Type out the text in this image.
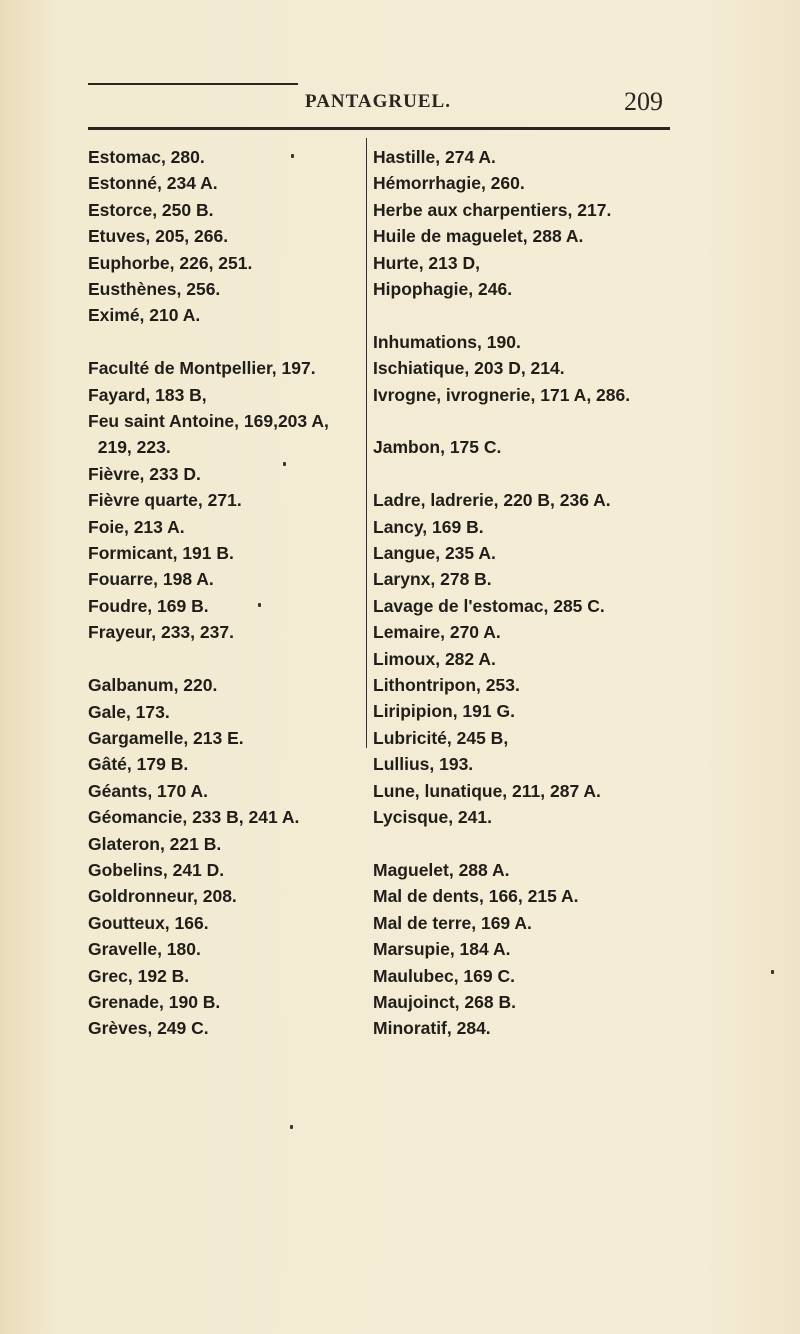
PANTAGRUEL.	209
Estomac, 280.
Estonné, 234 A.
Estorce, 250 B.
Etuves, 205, 266.
Euphorbe, 226, 251.
Eusthènes, 256.
Eximé, 210 A.
Faculté de Montpellier, 197.
Fayard, 183 B,
Feu saint Antoine, 169,203 A,
219, 223.
Fièvre, 233 D.
Fièvre quarte, 271.
Foie, 213 A.
Formicant, 191 B.
Fouarre, 198 A.
Foudre, 169 B.
Frayeur, 233, 237.
Galbanum, 220.
Gale, 173.
Gargamelle, 213 E.
Gâté, 179 B.
Géants, 170 A.
Géomancie, 233 B, 241 A.
Glateron, 221 B.
Gobelins, 241 D.
Goldronneur, 208.
Goutteux, 166.
Gravelle, 180.
Grec, 192 B.
Grenade, 190 B.
Grèves, 249 C.
Hastille, 274 A.
Hémorrhagie, 260.
Herbe aux charpentiers, 217.
Huile de maguelet, 288 A.
Hurte, 213 D,
Hipophagie, 246.
Inhumations, 190.
Ischiatique, 203 D, 214.
Ivrogne, ivrognerie, 171 A, 286.
Jambon, 175 C.
Ladre, ladrerie, 220 B, 236 A.
Lancy, 169 B.
Langue, 235 A.
Larynx, 278 B.
Lavage de l'estomac, 285 C.
Lemaire, 270 A.
Limoux, 282 A.
Lithontripon, 253.
Liripipion, 191 G.
Lubricité, 245 B,
Lullius, 193.
Lune, lunatique, 211, 287 A.
Lycisque, 241.
Maguelet, 288 A.
Mal de dents, 166, 215 A.
Mal de terre, 169 A.
Marsupie, 184 A.
Maulubec, 169 C.
Maujoinct, 268 B.
Minoratif, 284.
